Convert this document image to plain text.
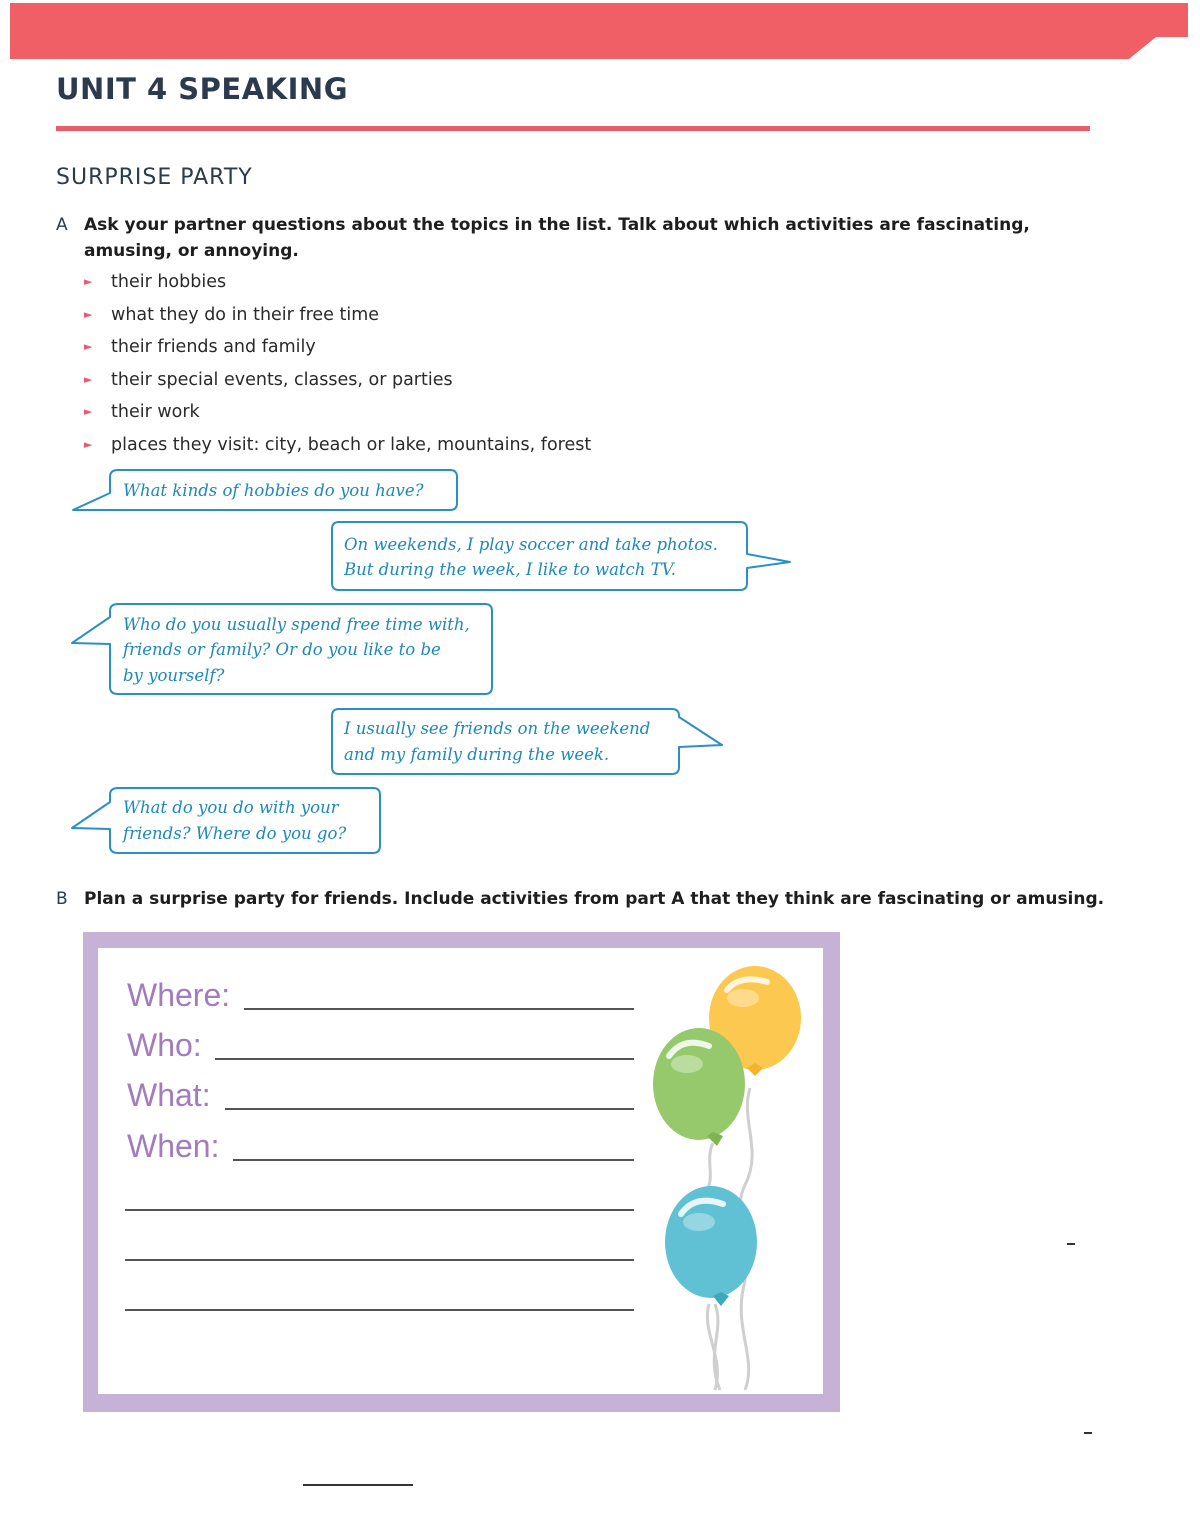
UNIT 4 SPEAKING
SURPRISE PARTY
A Ask your partner questions about the topics in the list. Talk about which activities are fascinating,

amusing, or annoying.

► their hobbies
► what they do in their free time
► their friends and family
► their special events, classes, or parties
► their work
► places they visit: city, beach or lake, mountains, forest

What kinds of hobbies do you have?

On weekends, I play soccer and take photos.

But during the week, I like to watch TV.

Who do you usually spend free time with,

friends or family? Or do you like to be

by yourself?

I usually see friends on the weekend

and my family during the week.

What do you do with your

friends? Where do you go?

B Plan a surprise party for friends. Include activities from part A that they think are fascinating or amusing.

Where:
Who:
What:
When:
